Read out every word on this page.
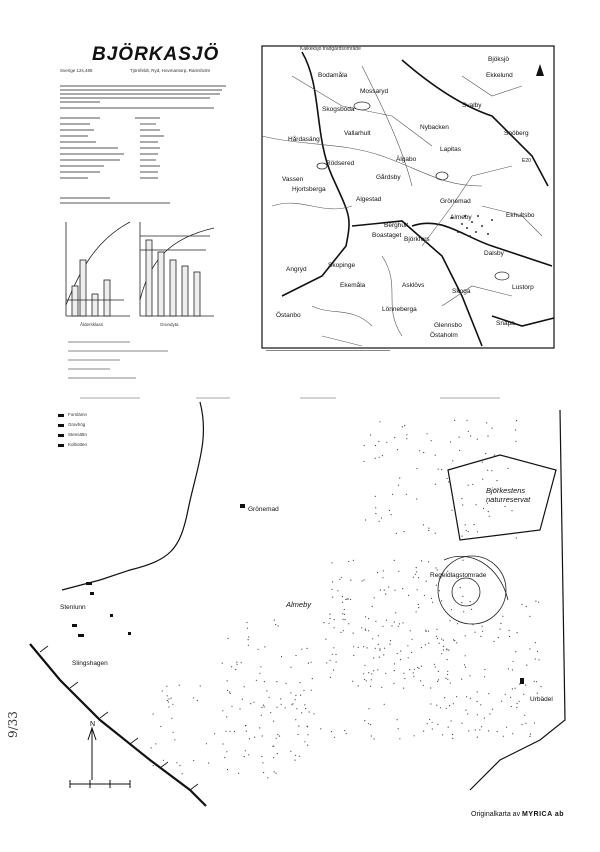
BJÖRKASJÖ
Sverige 12s,485	Tjörnfeldt, Ryd, Hovmantorp, Ramsholm
Åldersklass	Grundyta
Kalkeksjö trädgårdsområde
Bjöksjö
Bodamåla	Ekkelund
Svalby
Mossaryd
Skogsboda
Hårdasäng
Vallarhult
Nybacken
Snöberg
Lapitas
Älgabo
Rödsered
Gårdsby
Vassen
Hjortsberga
Algestad	Grönemad
Almeby	Ekhultsbo
Berghult
Boastaget
Angryd
Skopinge
Östanbo
Björkfors
Dalsby
Asklövs
Skoga
Lustorp
Snapa
Lönneberga
Glennsbo
Östaholm
Ekemåla
E20
N
Fornlämn
Gravhög
Stensättn
Kolbotten
Grönemad
Stenlunn
Slingshagen
Almeby
Björkestens naturreservat
Regeldlagstomrade
Urbädel
Originalkarta av MYRICA ab
9/33
